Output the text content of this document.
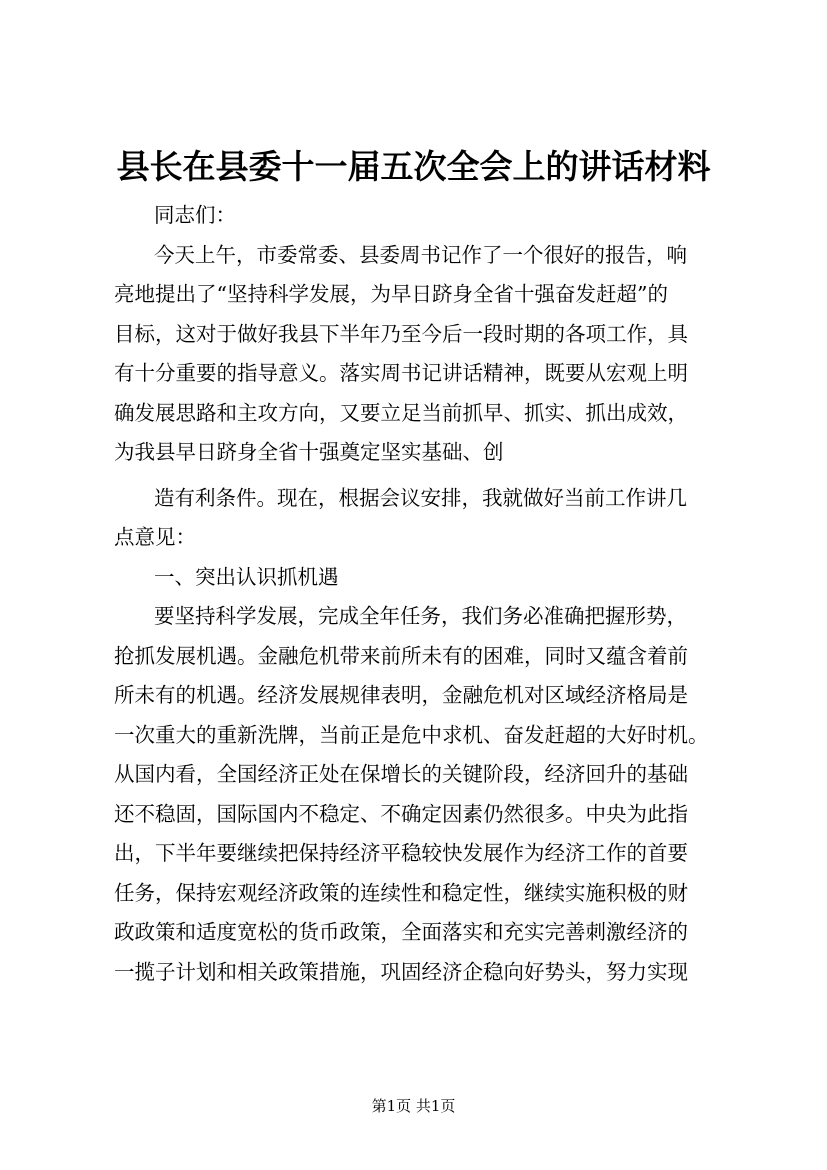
县长在县委十一届五次全会上的讲话材料
同志们：
今天上午，市委常委、县委周书记作了一个很好的报告，响
亮地提出了“坚持科学发展，为早日跻身全省十强奋发赶超”的
目标，这对于做好我县下半年乃至今后一段时期的各项工作，具
有十分重要的指导意义。落实周书记讲话精神，既要从宏观上明
确发展思路和主攻方向，又要立足当前抓早、抓实、抓出成效，
为我县早日跻身全省十强奠定坚实基础、创
造有利条件。现在，根据会议安排，我就做好当前工作讲几
点意见：
一、突出认识抓机遇
要坚持科学发展，完成全年任务，我们务必准确把握形势，
抢抓发展机遇。金融危机带来前所未有的困难，同时又蕴含着前
所未有的机遇。经济发展规律表明，金融危机对区域经济格局是
一次重大的重新洗牌，当前正是危中求机、奋发赶超的大好时机。
从国内看，全国经济正处在保增长的关键阶段，经济回升的基础
还不稳固，国际国内不稳定、不确定因素仍然很多。中央为此指
出，下半年要继续把保持经济平稳较快发展作为经济工作的首要
任务，保持宏观经济政策的连续性和稳定性，继续实施积极的财
政政策和适度宽松的货币政策，全面落实和充实完善刺激经济的
一揽子计划和相关政策措施，巩固经济企稳向好势头，努力实现
第1页 共1页
